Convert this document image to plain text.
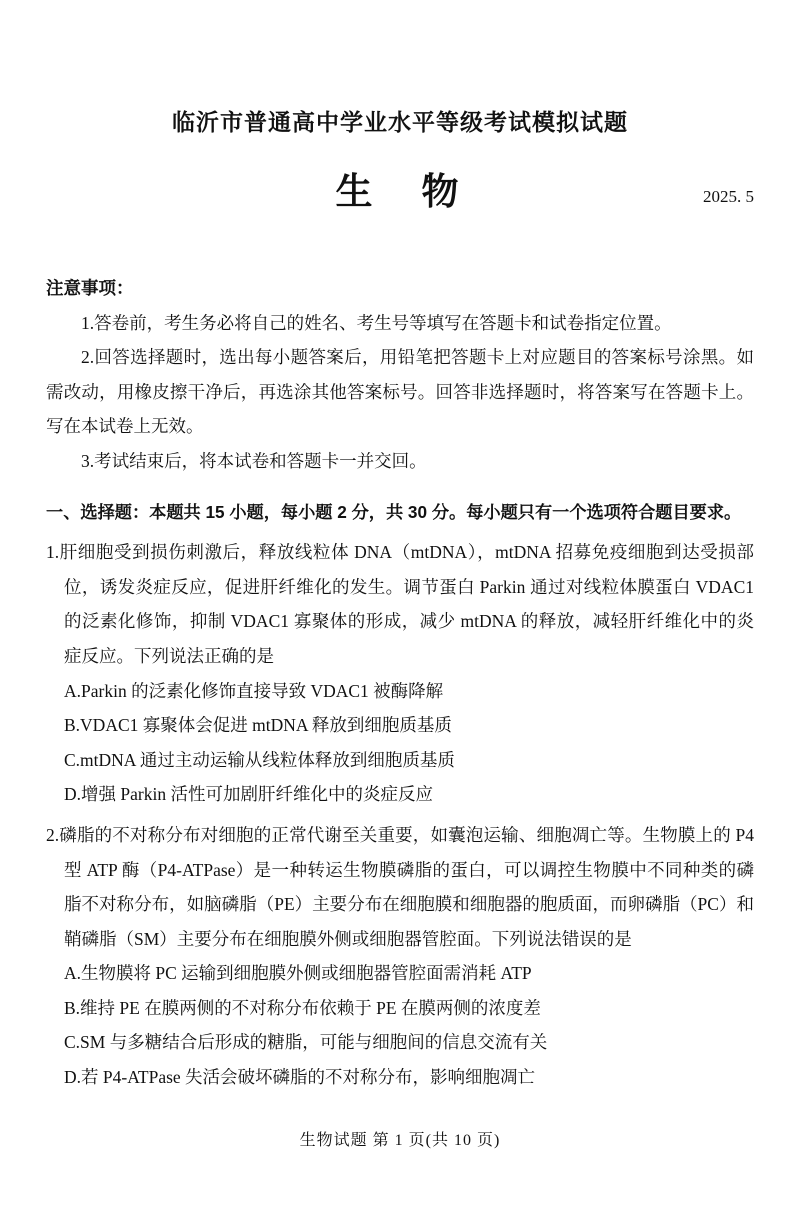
临沂市普通高中学业水平等级考试模拟试题
生　物	2025. 5
注意事项：

1.答卷前，考生务必将自己的姓名、考生号等填写在答题卡和试卷指定位置。

2.回答选择题时，选出每小题答案后，用铅笔把答题卡上对应题目的答案标号涂黑。如需改动，用橡皮擦干净后，再选涂其他答案标号。回答非选择题时，将答案写在答题卡上。写在本试卷上无效。

3.考试结束后，将本试卷和答题卡一并交回。

一、选择题：本题共 15 小题，每小题 2 分，共 30 分。每小题只有一个选项符合题目要求。

1.肝细胞受到损伤刺激后，释放线粒体 DNA（mtDNA），mtDNA 招募免疫细胞到达受损部位，诱发炎症反应，促进肝纤维化的发生。调节蛋白 Parkin 通过对线粒体膜蛋白 VDAC1 的泛素化修饰，抑制 VDAC1 寡聚体的形成，减少 mtDNA 的释放，减轻肝纤维化中的炎症反应。下列说法正确的是

A.Parkin 的泛素化修饰直接导致 VDAC1 被酶降解

B.VDAC1 寡聚体会促进 mtDNA 释放到细胞质基质

C.mtDNA 通过主动运输从线粒体释放到细胞质基质

D.增强 Parkin 活性可加剧肝纤维化中的炎症反应

2.磷脂的不对称分布对细胞的正常代谢至关重要，如囊泡运输、细胞凋亡等。生物膜上的 P4 型 ATP 酶（P4-ATPase）是一种转运生物膜磷脂的蛋白，可以调控生物膜中不同种类的磷脂不对称分布，如脑磷脂（PE）主要分布在细胞膜和细胞器的胞质面，而卵磷脂（PC）和鞘磷脂（SM）主要分布在细胞膜外侧或细胞器管腔面。下列说法错误的是

A.生物膜将 PC 运输到细胞膜外侧或细胞器管腔面需消耗 ATP

B.维持 PE 在膜两侧的不对称分布依赖于 PE 在膜两侧的浓度差

C.SM 与多糖结合后形成的糖脂，可能与细胞间的信息交流有关

D.若 P4-ATPase 失活会破坏磷脂的不对称分布，影响细胞凋亡

生物试题 第 1 页(共 10 页)
